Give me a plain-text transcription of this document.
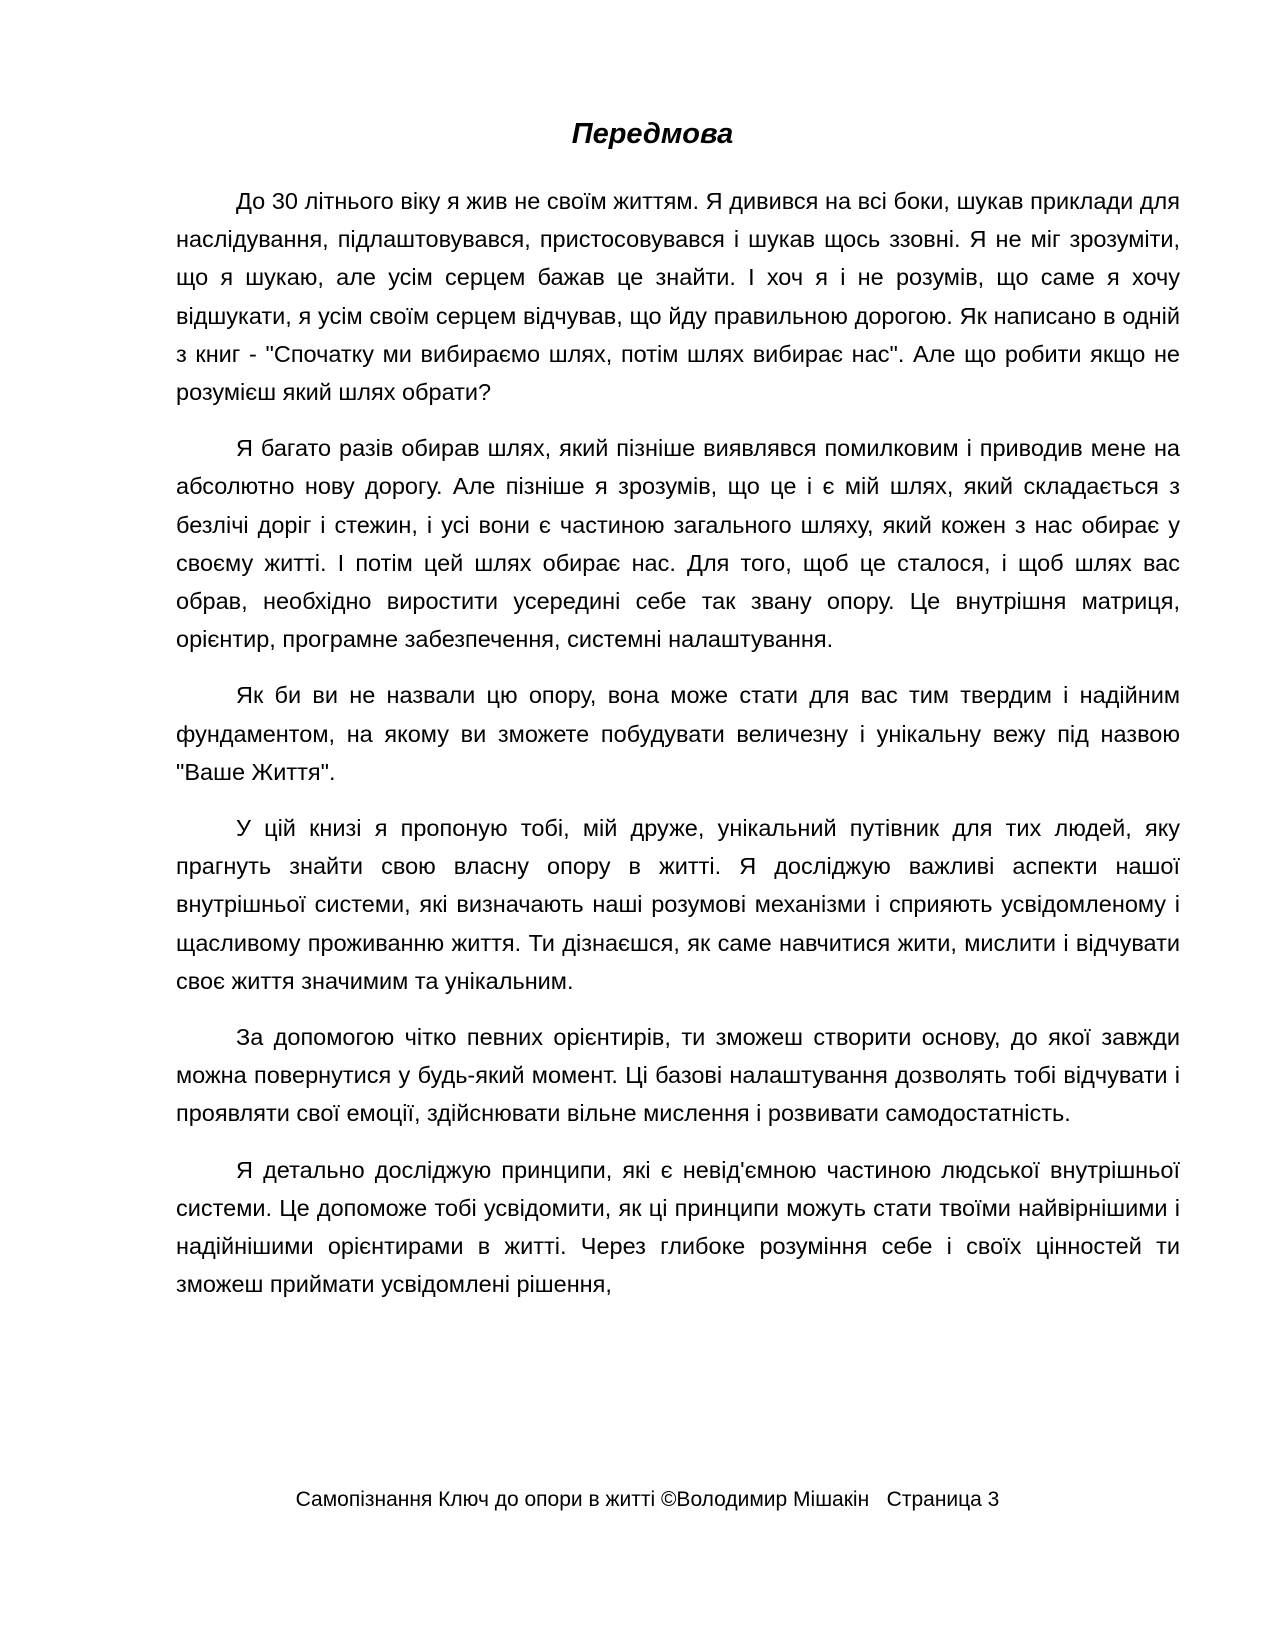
Передмова

До 30 літнього віку я жив не своїм життям. Я дивився на всі боки, шукав приклади для наслідування, підлаштовувався, пристосовувався і шукав щось ззовні. Я не міг зрозуміти, що я шукаю, але усім серцем бажав це знайти. І хоч я і не розумів, що саме я хочу відшукати, я усім своїм серцем відчував, що йду правильною дорогою. Як написано в одній з книг - "Спочатку ми вибираємо шлях, потім шлях вибирає нас". Але що робити якщо не розумієш який шлях обрати?

Я багато разів обирав шлях, який пізніше виявлявся помилковим і приводив мене на абсолютно нову дорогу. Але пізніше я зрозумів, що це і є мій шлях, який складається з безлічі доріг і стежин, і усі вони є частиною загального шляху, який кожен з нас обирає у своєму житті. І потім цей шлях обирає нас. Для того, щоб це сталося, і щоб шлях вас обрав, необхідно виростити усередині себе так звану опору. Це внутрішня матриця, орієнтир, програмне забезпечення, системні налаштування.

Як би ви не назвали цю опору, вона може стати для вас тим твердим і надійним фундаментом, на якому ви зможете побудувати величезну і унікальну вежу під назвою "Ваше Життя".

У цій книзі я пропоную тобі, мій друже, унікальний путівник для тих людей, яку прагнуть знайти свою власну опору в житті. Я досліджую важливі аспекти нашої внутрішньої системи, які визначають наші розумові механізми і сприяють усвідомленому і щасливому проживанню життя. Ти дізнаєшся, як саме навчитися жити, мислити і відчувати своє життя значимим та унікальним.

За допомогою чітко певних орієнтирів, ти зможеш створити основу, до якої завжди можна повернутися у будь-який момент. Ці базові налаштування дозволять тобі відчувати і проявляти свої емоції, здійснювати вільне мислення і розвивати самодостатність.

Я детально досліджую принципи, які є невід'ємною частиною людської внутрішньої системи. Це допоможе тобі усвідомити, як ці принципи можуть стати твоїми найвірнішими і надійнішими орієнтирами в житті. Через глибоке розуміння себе і своїх цінностей ти зможеш приймати усвідомлені рішення,

Самопізнання Ключ до опори в житті ©Володимир Мішакін   Страница 3
